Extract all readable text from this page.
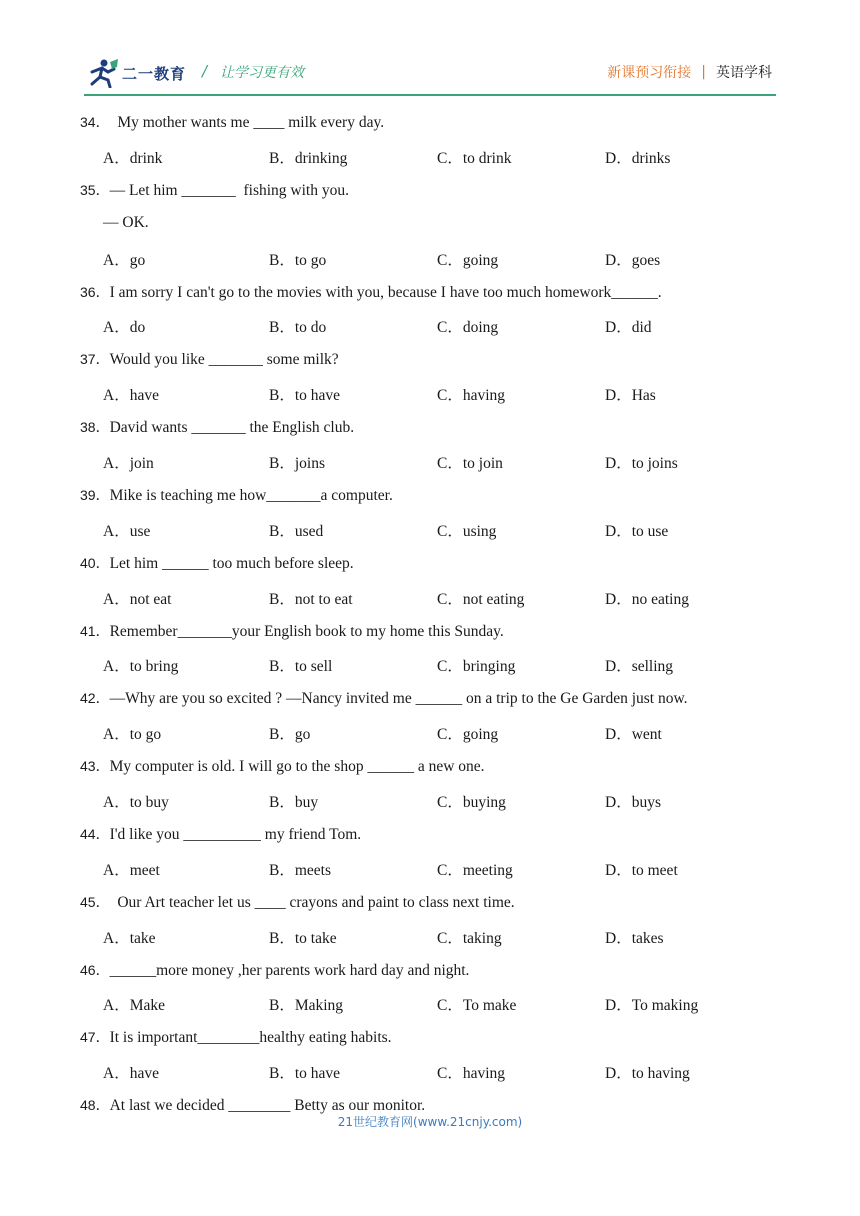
二一教育 / 让学习更有效	新课预习衔接 | 英语学科
34．  My mother wants me ____ milk every day.
A．drink	B．drinking	C．to drink	D．drinks
35．— Let him _______  fishing with you.
— OK.
A．go	B．to go	C．going	D．goes
36．I am sorry I can't go to the movies with you, because I have too much homework______.
A．do	B．to do	C．doing	D．did
37．Would you like _______ some milk?
A．have	B．to have	C．having	D．Has
38．David wants _______ the English club.
A．join	B．joins	C．to join	D．to joins
39．Mike is teaching me how_______a computer.
A．use	B．used	C．using	D．to use
40．Let him ______ too much before sleep.
A．not eat	B．not to eat	C．not eating	D．no eating
41．Remember_______your English book to my home this Sunday.
A．to bring	B．to sell	C．bringing	D．selling
42．—Why are you so excited ? —Nancy invited me ______ on a trip to the Ge Garden just now.
A．to go	B．go	C．going	D．went
43．My computer is old. I will go to the shop ______ a new one.
A．to buy	B．buy	C．buying	D．buys
44．I'd like you __________ my friend Tom.
A．meet	B．meets	C．meeting	D．to meet
45．  Our Art teacher let us ____ crayons and paint to class next time.
A．take	B．to take	C．taking	D．takes
46．______more money ,her parents work hard day and night.
A．Make	B．Making	C．To make	D．To making
47．It is important________healthy eating habits.
A．have	B．to have	C．having	D．to having
48．At last we decided ________ Betty as our monitor.
21世纪教育网(www.21cnjy.com)
